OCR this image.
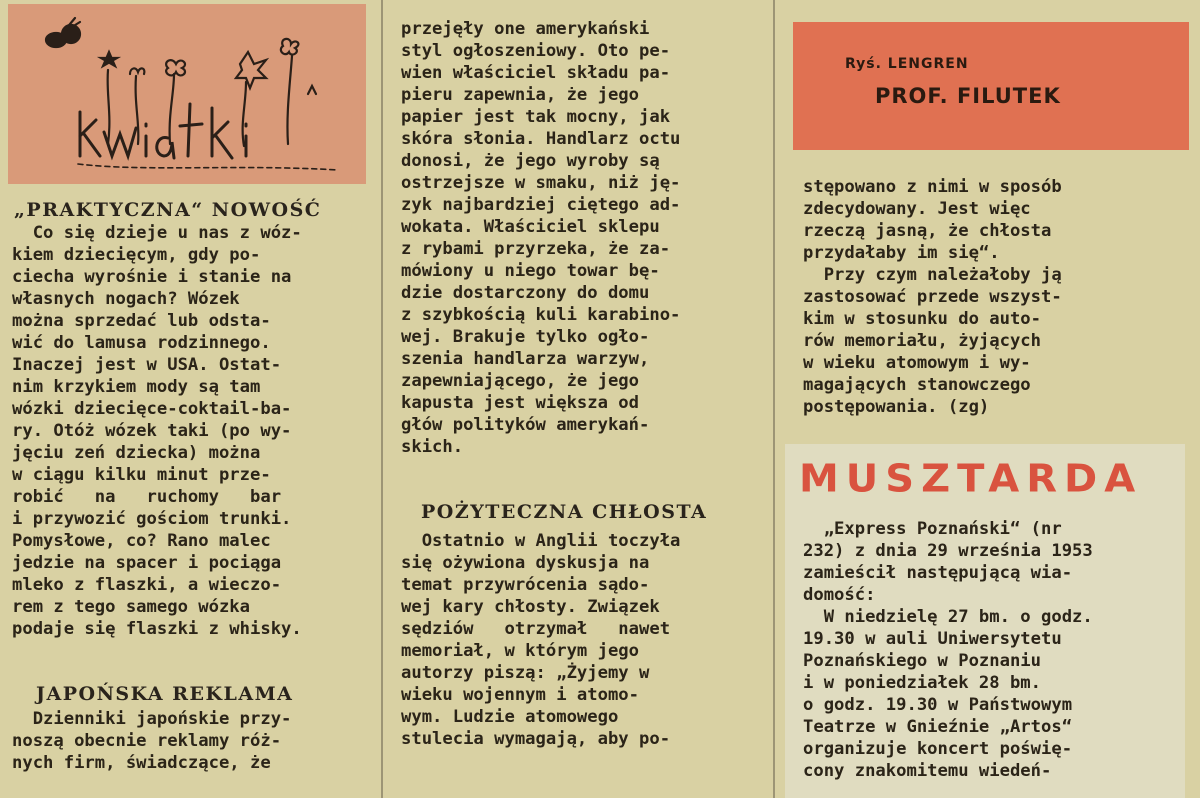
„PRAKTYCZNA“ NOWOŚĆ

Co się dzieje u nas z wóz-

kiem dziecięcym, gdy po-

ciecha wyrośnie i stanie na

własnych nogach? Wózek

można sprzedać lub odsta-

wić do lamusa rodzinnego.

Inaczej jest w USA. Ostat-

nim krzykiem mody są tam

wózki dziecięce-coktail-ba-

ry. Otóż wózek taki (po wy-

jęciu zeń dziecka) można

w ciągu kilku minut prze-

robić   na   ruchomy   bar

i przywozić gościom trunki.

Pomysłowe, co? Rano malec

jedzie na spacer i pociąga

mleko z flaszki, a wieczo-

rem z tego samego wózka

podaje się flaszki z whisky.

JAPOŃSKA REKLAMA

Dzienniki japońskie przy-

noszą obecnie reklamy róż-

nych firm, świadczące, że

przejęły one amerykański

styl ogłoszeniowy. Oto pe-

wien właściciel składu pa-

pieru zapewnia, że jego

papier jest tak mocny, jak

skóra słonia. Handlarz octu

donosi, że jego wyroby są

ostrzejsze w smaku, niż ję-

zyk najbardziej ciętego ad-

wokata. Właściciel sklepu

z rybami przyrzeka, że za-

mówiony u niego towar bę-

dzie dostarczony do domu

z szybkością kuli karabino-

wej. Brakuje tylko ogło-

szenia handlarza warzyw,

zapewniającego, że jego

kapusta jest większa od

głów polityków amerykań-

skich.

POŻYTECZNA CHŁOSTA

Ostatnio w Anglii toczyła

się ożywiona dyskusja na

temat przywrócenia sądo-

wej kary chłosty. Związek

sędziów   otrzymał   nawet

memoriał, w którym jego

autorzy piszą: „Żyjemy w

wieku wojennym i atomo-

wym. Ludzie atomowego

stulecia wymagają, aby po-

Ryś. LENGREN
PROF. FILUTEK

stępowano z nimi w sposób

zdecydowany. Jest więc

rzeczą jasną, że chłosta

przydałaby im się“.

Przy czym należałoby ją

zastosować przede wszyst-

kim w stosunku do auto-

rów memoriału, żyjących

w wieku atomowym i wy-

magających stanowczego

postępowania. (zg)

MUSZTARDA

„Express Poznański“ (nr

232) z dnia 29 września 1953

zamieścił następującą wia-

domość:

W niedzielę 27 bm. o godz.

19.30 w auli Uniwersytetu

Poznańskiego w Poznaniu

i w poniedziałek 28 bm.

o godz. 19.30 w Państwowym

Teatrze w Gnieźnie „Artos“

organizuje koncert poświę-

cony znakomitemu wiedeń-
